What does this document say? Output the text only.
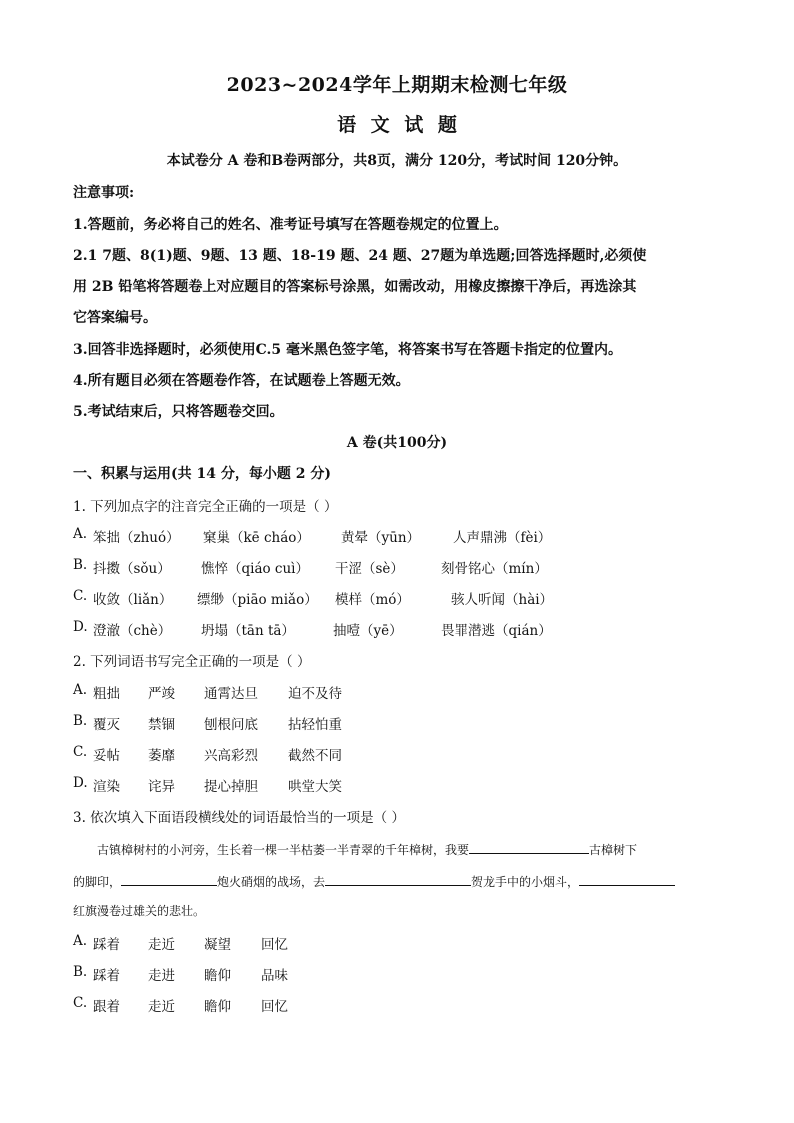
2023~2024学年上期期末检测七年级
语 文 试 题
本试卷分 A 卷和B卷两部分，共8页，满分 120分，考试时间 120分钟。
注意事项:
1.答题前，务必将自己的姓名、准考证号填写在答题卷规定的位置上。
2.1 7题、8(1)题、9题、13 题、18-19 题、24 题、27题为单选题;回答选择题时,必须使
用 2B 铅笔将答题卷上对应题目的答案标号涂黑，如需改动，用橡皮擦擦干净后，再选涂其
它答案编号。
3.回答非选择题时，必须使用C.5 毫米黑色签字笔，将答案书写在答题卡指定的位置内。
4.所有题目必须在答题卷作答，在试题卷上答题无效。
5.考试结束后，只将答题卷交回。
A 卷(共100分)
一、积累与运用(共 14 分，每小题 2 分)
1. 下列加点字的注音完全正确的一项是（ ）
A. 笨拙（zhuó） 窠巢（kē cháo） 黄晕（yūn） 人声鼎沸（fèi）
B. 抖擞（sǒu） 憔悴（qiáo cuì） 干涩（sè）	刻骨铭心（mín）
C. 收敛（liǎn） 缥缈（piāo miǎo） 模样（mó）	骇人听闻（hài）
D. 澄澈（chè） 坍塌（tān tā）	抽噎（yē）	畏罪潜逃（qián）
2. 下列词语书写完全正确的一项是（ ）
A. 粗拙 严竣 通霄达旦 迫不及待
B. 覆灭 禁锢 刨根问底 拈轻怕重
C. 妥帖 萎靡 兴高彩烈 截然不同
D. 渲染 诧异 提心掉胆 哄堂大笑
3. 依次填入下面语段横线处的词语最恰当的一项是（ ）
古镇樟树村的小河旁，生长着一棵一半枯萎一半青翠的千年樟树，我要	古樟树下
的脚印，	炮火硝烟的战场，去	贺龙手中的小烟斗，
红旗漫卷过雄关的悲壮。
A. 踩着 走近 凝望 回忆
B. 踩着 走进 瞻仰 品味
C. 跟着 走近 瞻仰 回忆
